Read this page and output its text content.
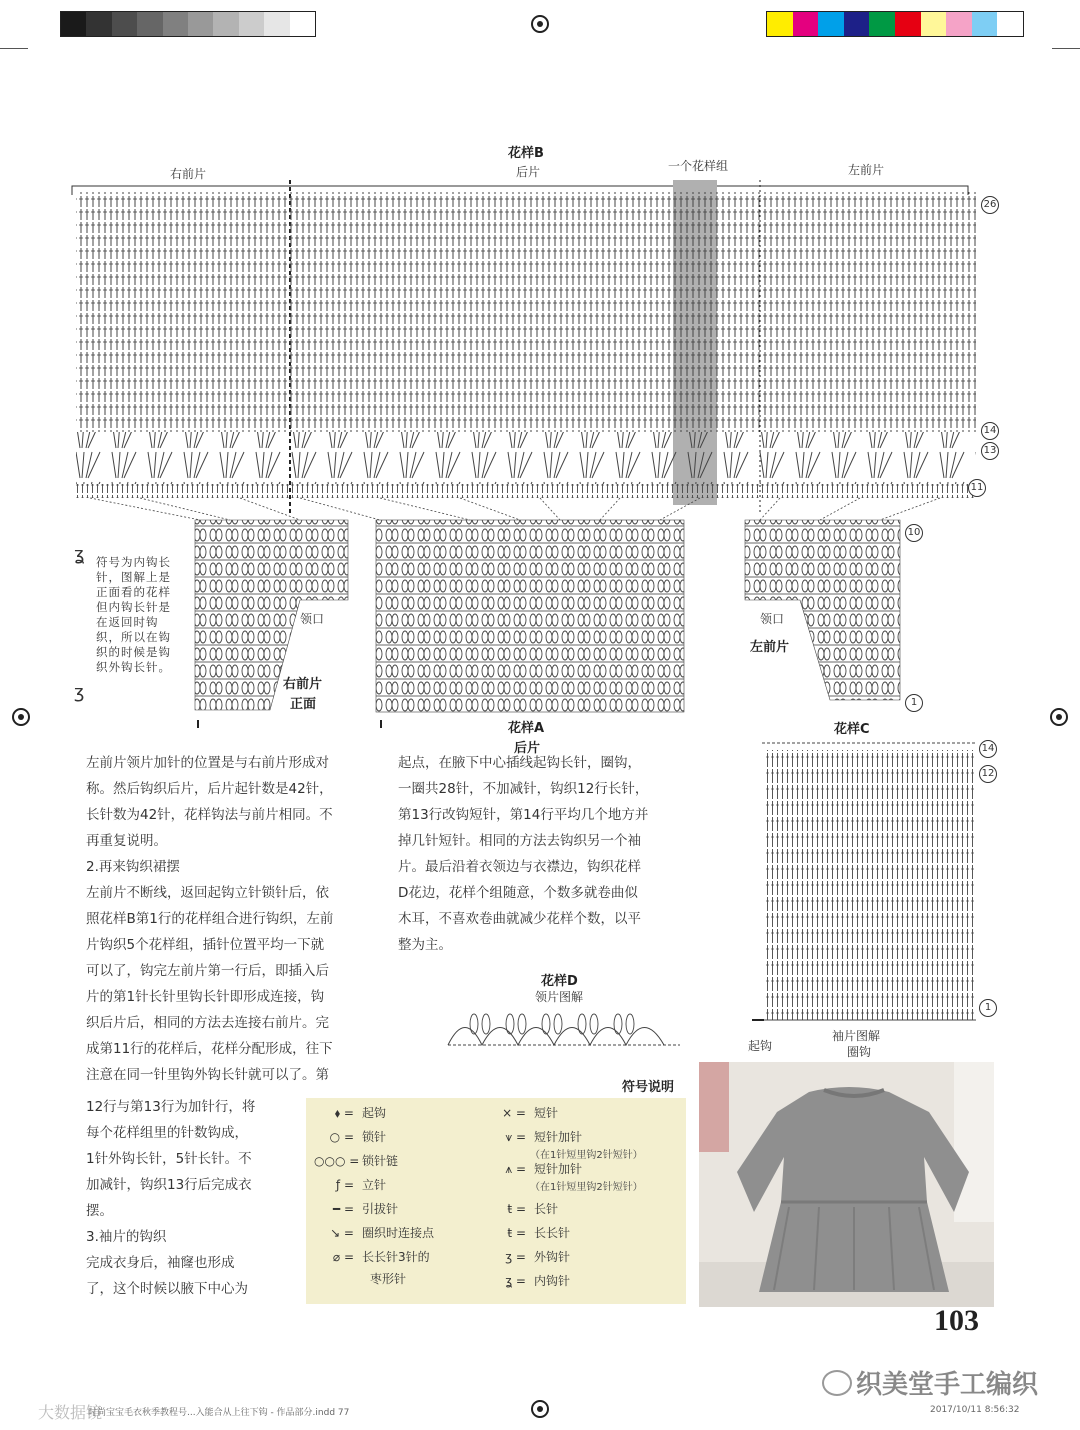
花样B
右前片	后片	一个花样组	左前片
ʓ
ʒ
26
14
13
11
10
1
14
12
1
领口
右前片
正面
花样A
后片
领口
左前片
符号为内钩长针，图解上是正面看的花样但内钩长针是在返回时钩织，所以在钩织的时候是钩织外钩长针。
花样C
起钩
袖片图解
圈钩
花样D
领片图解

左前片领片加针的位置是与右前片形成对

称。然后钩织后片，后片起针数是42针，

长针数为42针，花样钩法与前片相同。不

再重复说明。

2.再来钩织裙摆

左前片不断线，返回起钩立针锁针后，依

照花样B第1行的花样组合进行钩织，左前

片钩织5个花样组，插针位置平均一下就

可以了，钩完左前片第一行后，即插入后

片的第1针长针里钩长针即形成连接，钩

织后片后，相同的方法去连接右前片。完

成第11行的花样后，花样分配形成，往下

注意在同一针里钩外钩长针就可以了。第

12行与第13行为加针行，将

每个花样组里的针数钩成，

1针外钩长针，5针长针。不

加减针，钩织13行后完成衣

摆。

3.袖片的钩织

完成衣身后，袖窿也形成

了，这个时候以腋下中心为

起点，在腋下中心插线起钩长针，圈钩，

一圈共28针，不加减针，钩织12行长针，

第13行改钩短针，第14行平均几个地方并

掉几针短针。相同的方法去钩织另一个袖

片。最后沿着衣领边与衣襟边，钩织花样

D花边，花样个组随意，个数多就卷曲似

木耳，不喜欢卷曲就减少花样个数，以平

整为主。

符号说明
⬧ = 起钩
○ = 锁针
○○○ = 锁针链
ƒ = 立针
━ = 引拔针
↘ = 圈织时连接点
⌀ = 长长针3针的
枣形针
× = 短针
⩛ = 短针加针
⩚ = 短针加针
ŧ = 长针
ŧ = 长长针
ʒ = 外钩针
ʓ = 内钩针
（在1针短里钩2针短针）
（在1针短里钩2针短针）
103
织美堂手工编织
大数据镜
时尚宝宝毛衣秋季教程号...入能合从上往下钩 - 作品部分.indd 77	2017/10/11 8:56:32
